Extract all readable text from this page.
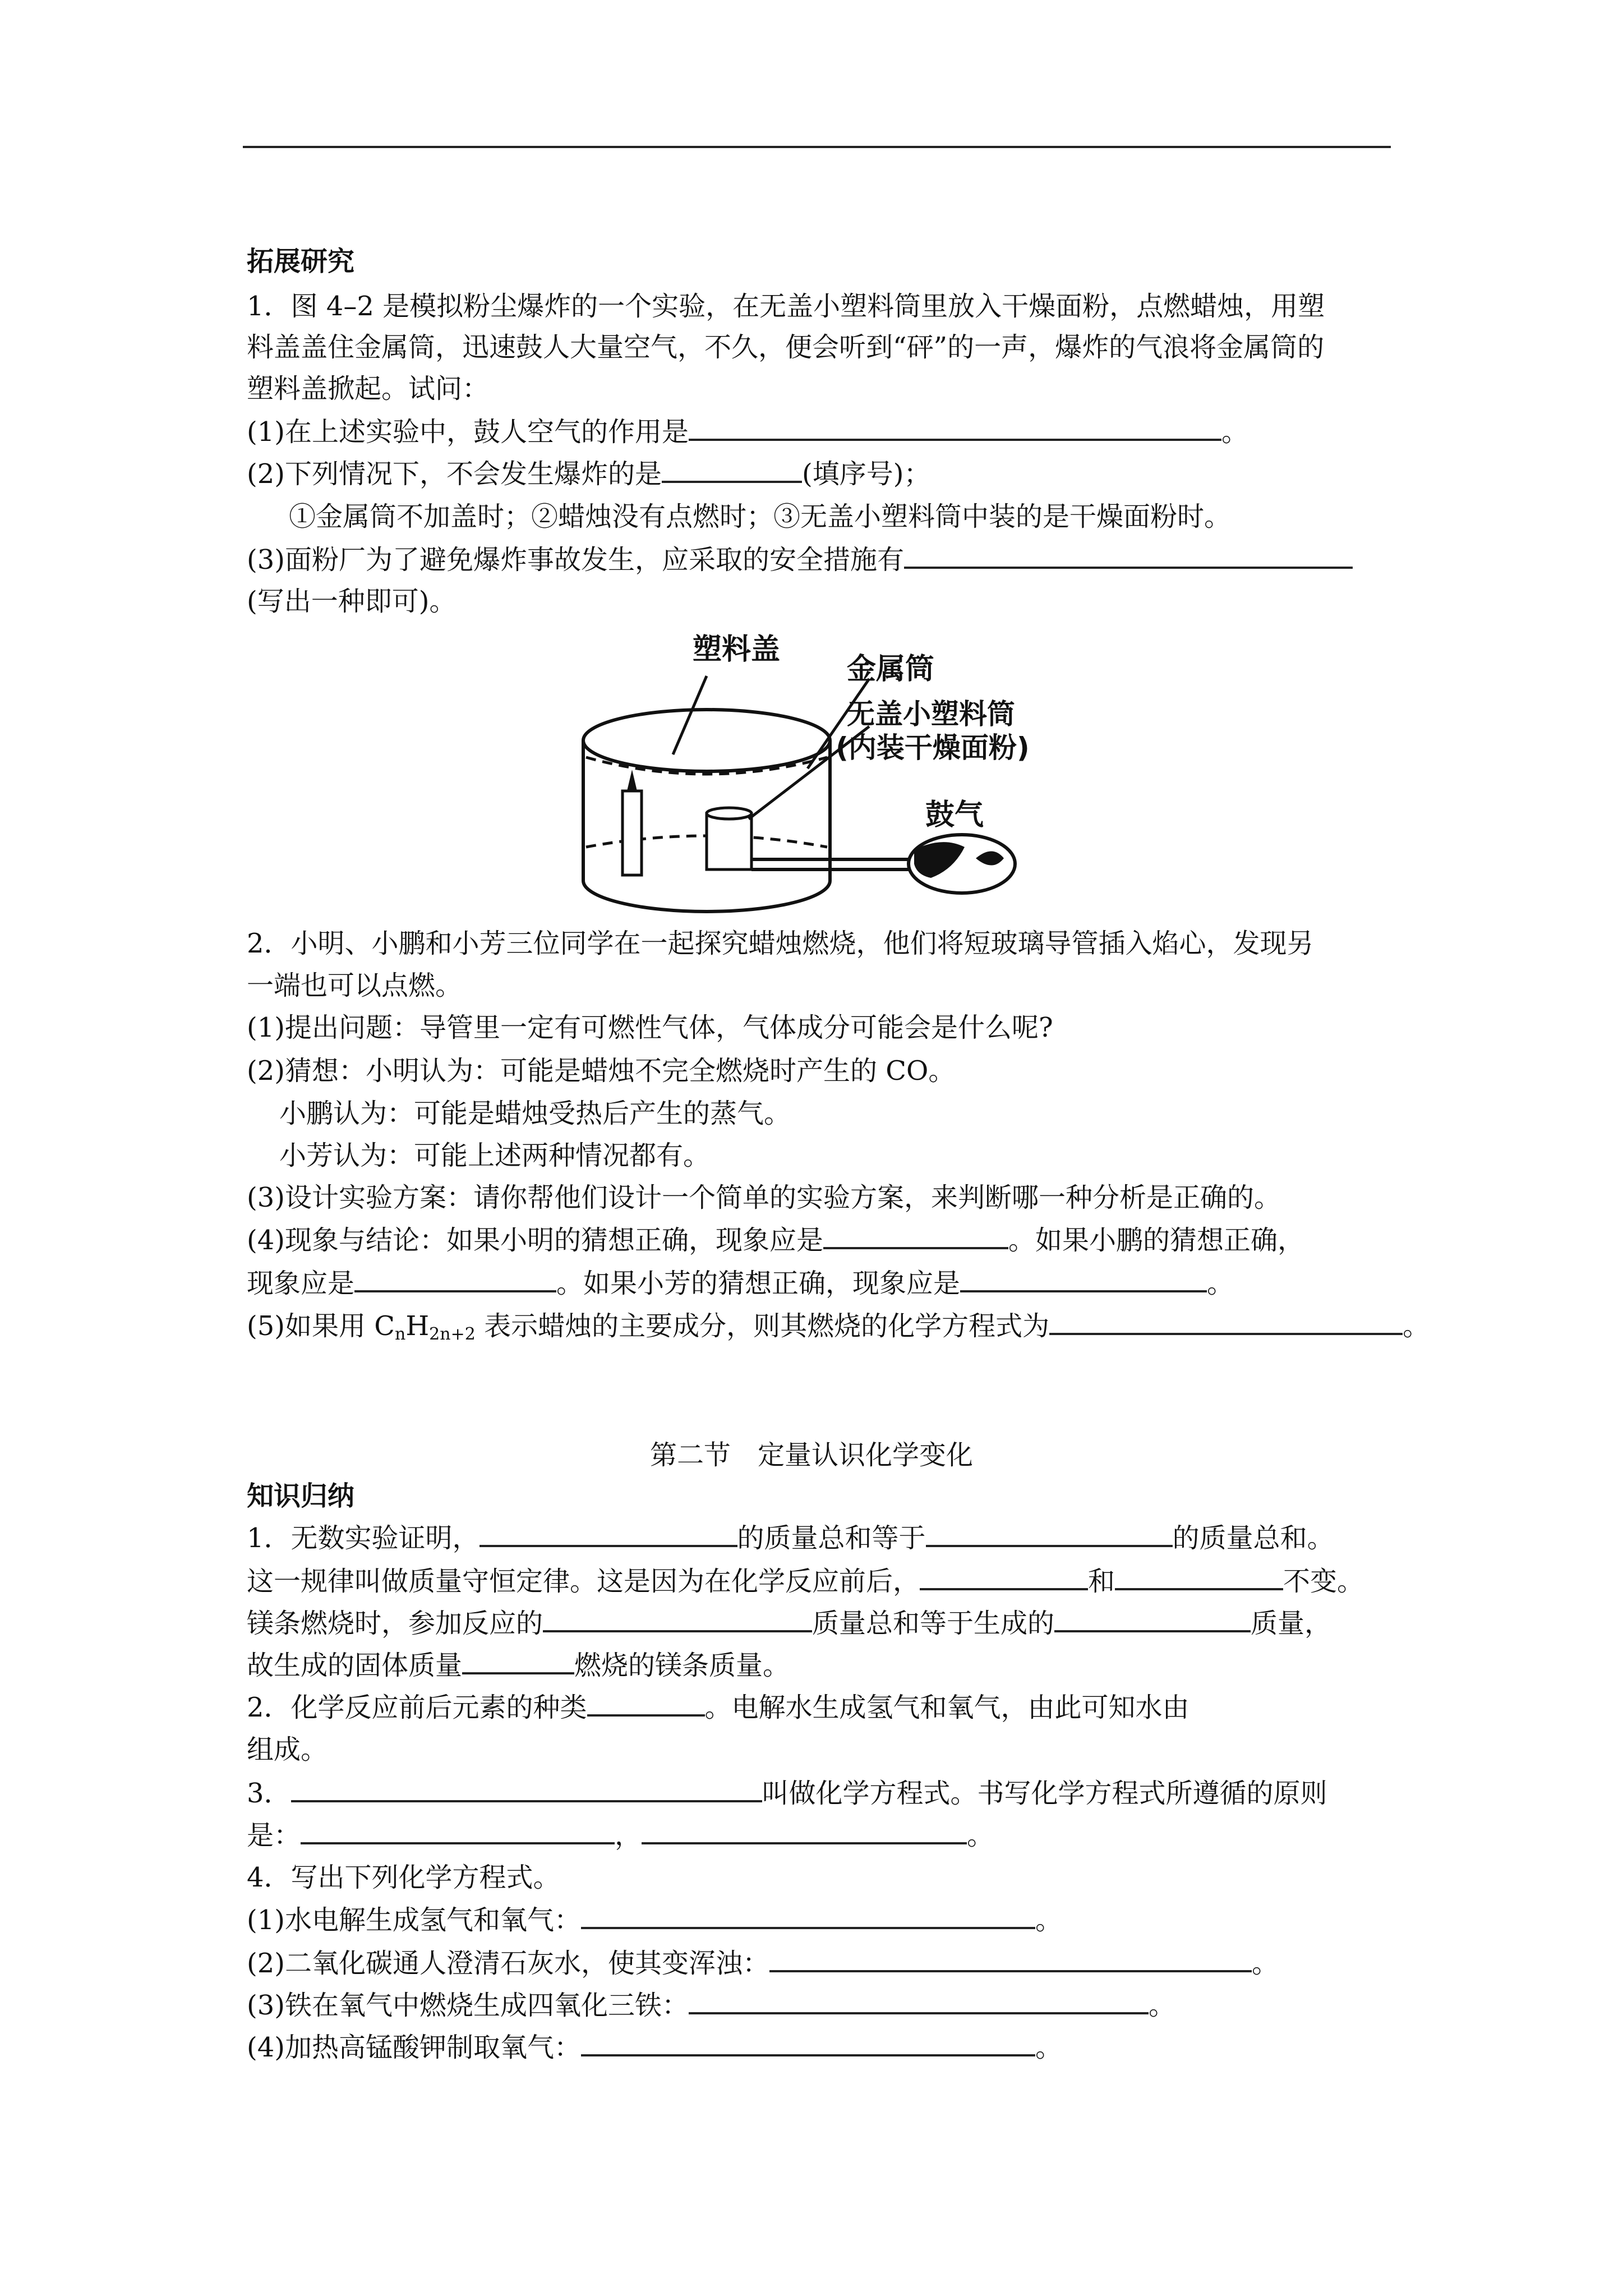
拓展研究
1．图 4–2 是模拟粉尘爆炸的一个实验，在无盖小塑料筒里放入干燥面粉，点燃蜡烛，用塑
料盖盖住金属筒，迅速鼓人大量空气，不久，便会听到“砰”的一声，爆炸的气浪将金属筒的
塑料盖掀起。试问：
(1)在上述实验中，鼓人空气的作用是	。
(2)下列情况下，不会发生爆炸的是	(填序号)；
①金属筒不加盖时；②蜡烛没有点燃时；③无盖小塑料筒中装的是干燥面粉时。
(3)面粉厂为了避免爆炸事故发生，应采取的安全措施有
(写出一种即可)。
塑料盖
金属筒
无盖小塑料筒
(内装干燥面粉)
鼓气
2．小明、小鹏和小芳三位同学在一起探究蜡烛燃烧，他们将短玻璃导管插入焰心，发现另
一端也可以点燃。
(1)提出问题：导管里一定有可燃性气体，气体成分可能会是什么呢?
(2)猜想：小明认为：可能是蜡烛不完全燃烧时产生的 CO。
小鹏认为：可能是蜡烛受热后产生的蒸气。
小芳认为：可能上述两种情况都有。
(3)设计实验方案：请你帮他们设计一个简单的实验方案，来判断哪一种分析是正确的。
(4)现象与结论：如果小明的猜想正确，现象应是	。如果小鹏的猜想正确，
现象应是	。如果小芳的猜想正确，现象应是	。
(5)如果用 $C_nH_{2n+2}$ 表示蜡烛的主要成分，则其燃烧的化学方程式为	。
第二节　定量认识化学变化
知识归纳
1．无数实验证明，	的质量总和等于	的质量总和。
这一规律叫做质量守恒定律。这是因为在化学反应前后，	和	不变。
镁条燃烧时，参加反应的	质量总和等于生成的	质量，
故生成的固体质量	燃烧的镁条质量。
2．化学反应前后元素的种类	。电解水生成氢气和氧气，由此可知水由
组成。
3．	叫做化学方程式。书写化学方程式所遵循的原则
是：	，	。
4．写出下列化学方程式。
(1)水电解生成氢气和氧气：	。
(2)二氧化碳通人澄清石灰水，使其变浑浊：	。
(3)铁在氧气中燃烧生成四氧化三铁：	。
(4)加热高锰酸钾制取氧气：	。
